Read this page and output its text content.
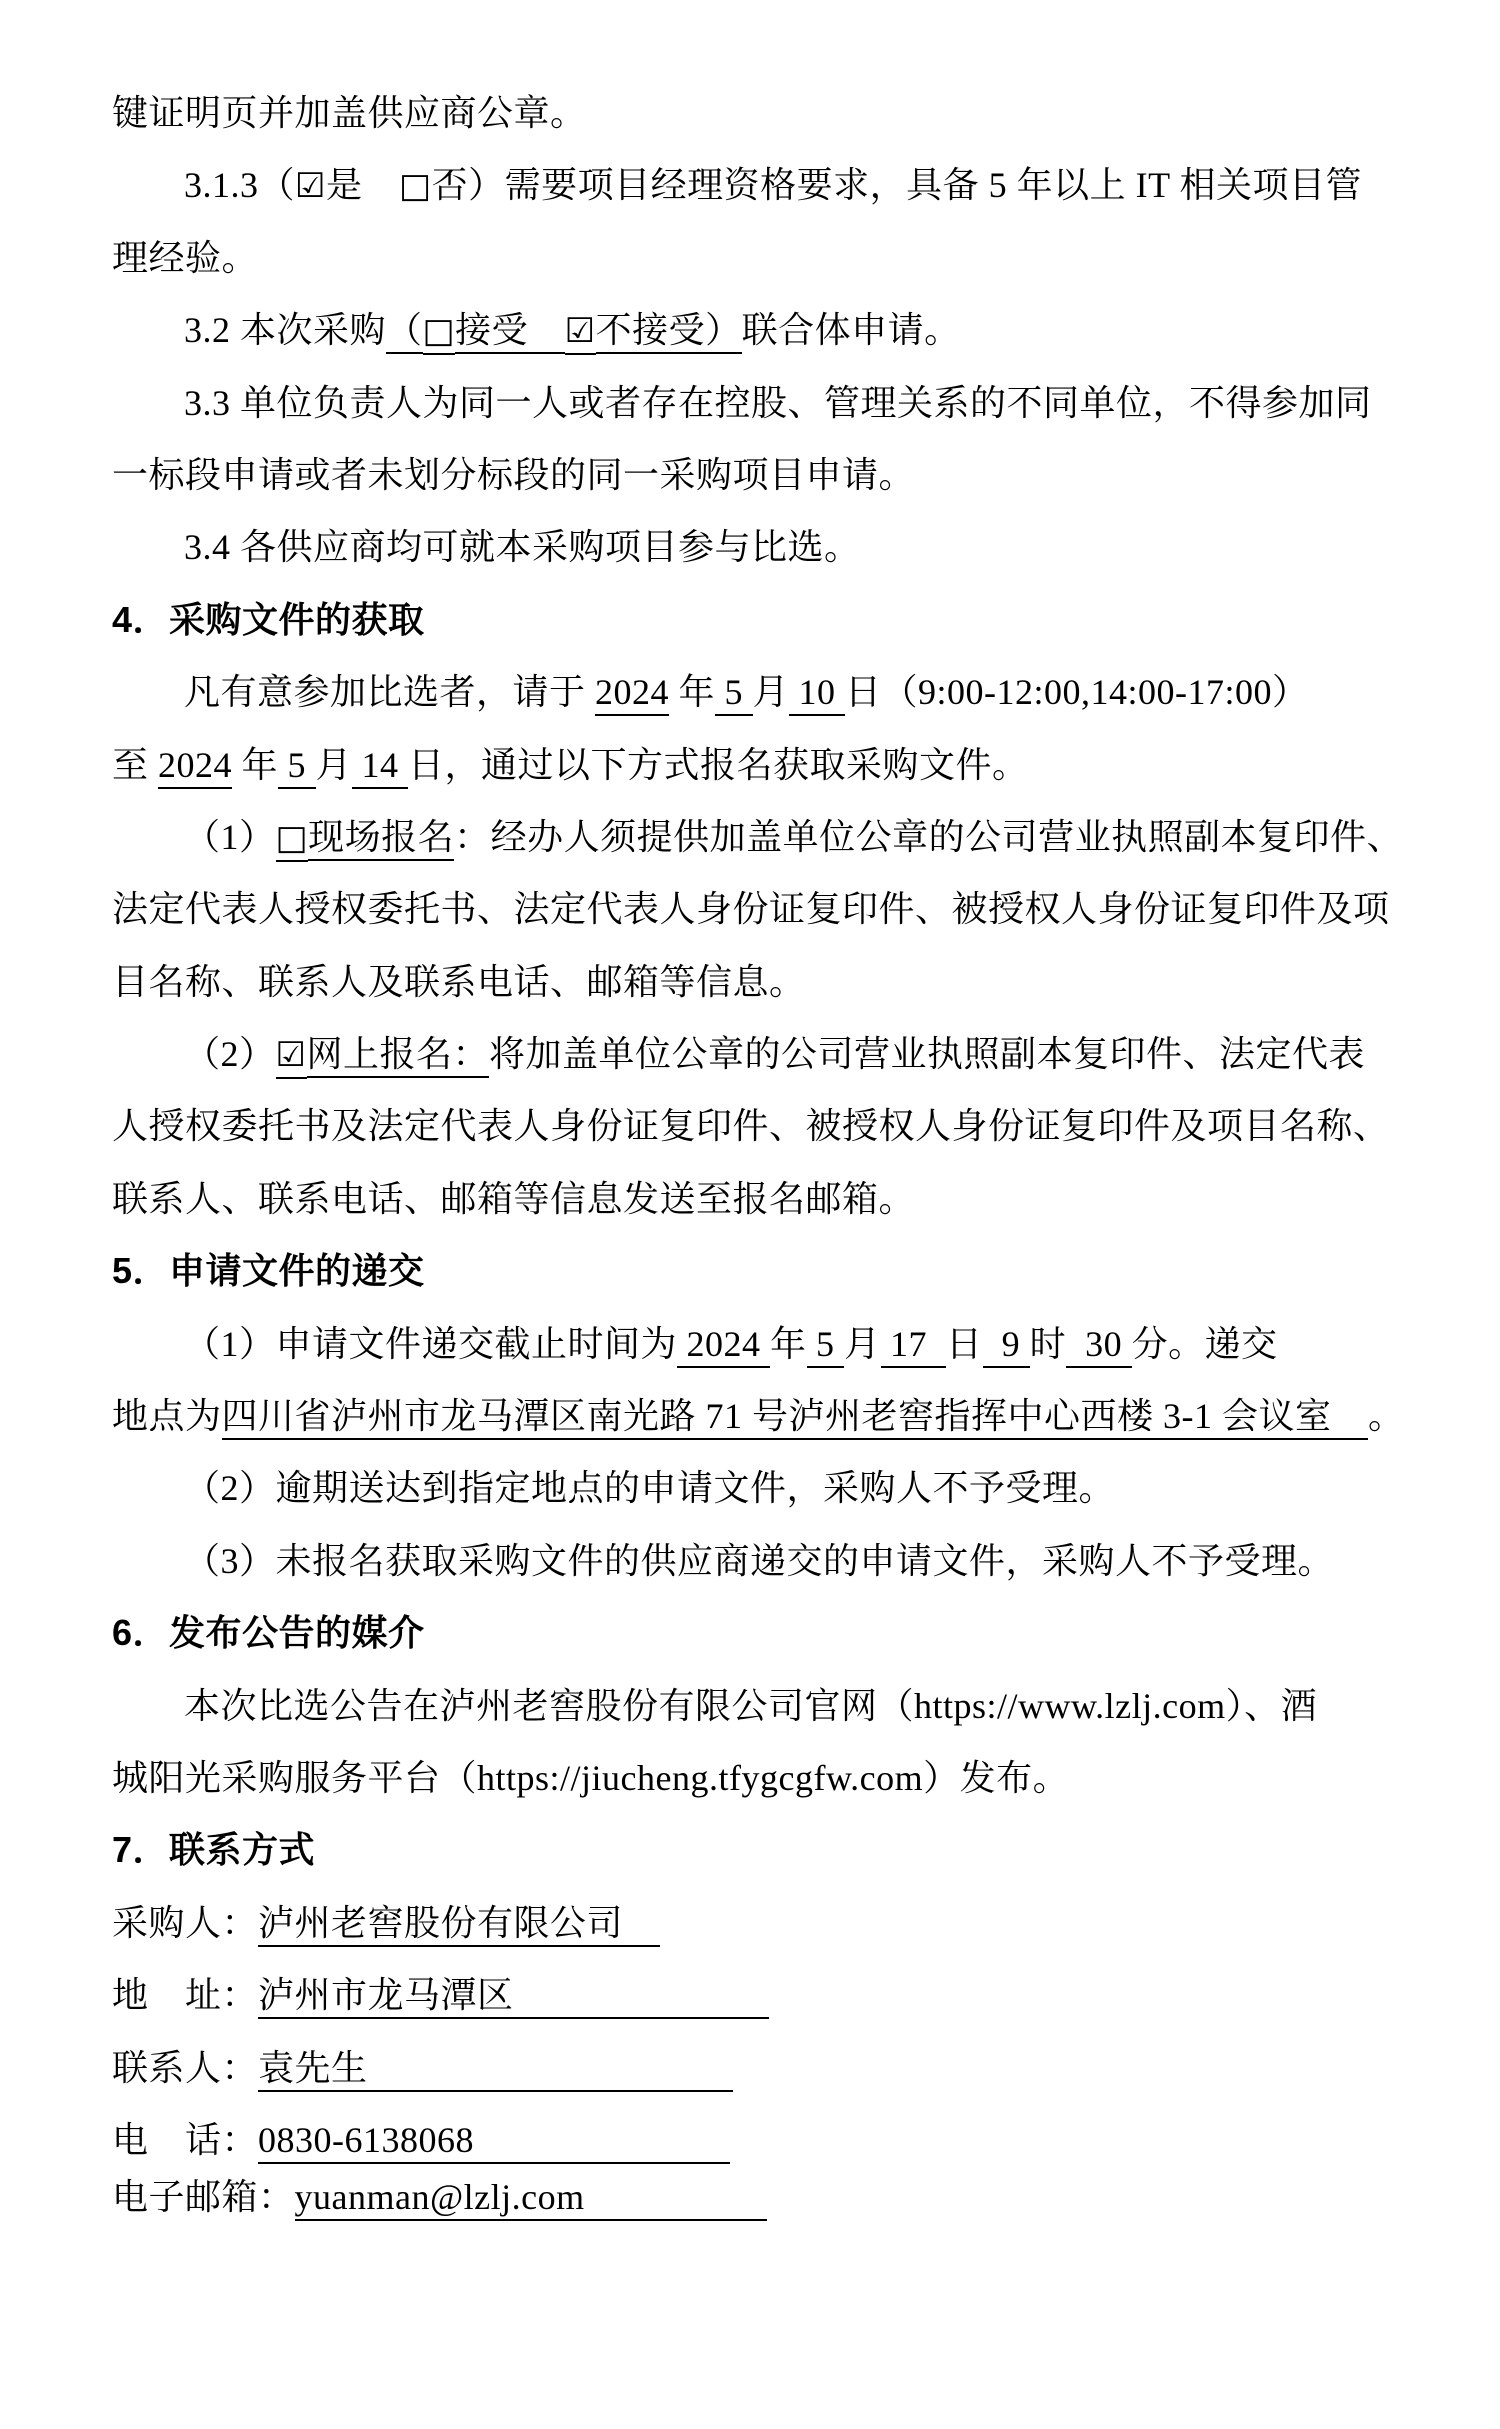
键证明页并加盖供应商公章。
3.1.3（☑是　□否）需要项目经理资格要求，具备 5 年以上 IT 相关项目管
理经验。
3.2 本次采购（□接受　☑不接受）联合体申请。
3.3 单位负责人为同一人或者存在控股、管理关系的不同单位，不得参加同
一标段申请或者未划分标段的同一采购项目申请。
3.4 各供应商均可就本采购项目参与比选。
4．采购文件的获取
凡有意参加比选者，请于 2024 年 5 月 10 日（9:00-12:00,14:00-17:00）
至 2024 年 5 月 14 日，通过以下方式报名获取采购文件。
（1）□现场报名：经办人须提供加盖单位公章的公司营业执照副本复印件、
法定代表人授权委托书、法定代表人身份证复印件、被授权人身份证复印件及项
目名称、联系人及联系电话、邮箱等信息。
（2）☑网上报名：将加盖单位公章的公司营业执照副本复印件、法定代表
人授权委托书及法定代表人身份证复印件、被授权人身份证复印件及项目名称、
联系人、联系电话、邮箱等信息发送至报名邮箱。
5．申请文件的递交
（1）申请文件递交截止时间为 2024 年 5 月 17  日  9 时  30 分。递交
地点为四川省泸州市龙马潭区南光路 71 号泸州老窖指挥中心西楼 3-1 会议室　。
（2）逾期送达到指定地点的申请文件，采购人不予受理。
（3）未报名获取采购文件的供应商递交的申请文件，采购人不予受理。
6．发布公告的媒介
本次比选公告在泸州老窖股份有限公司官网（https://www.lzlj.com）、酒
城阳光采购服务平台（https://jiucheng.tfygcgfw.com）发布。
7．联系方式
采购人：泸州老窖股份有限公司　
地　址：泸州市龙马潭区　　　　　　　
联系人：袁先生　　　　　　　　　　
电　话：0830-6138068　　　　　　　
电子邮箱：yuanman@lzlj.com　　　　　
